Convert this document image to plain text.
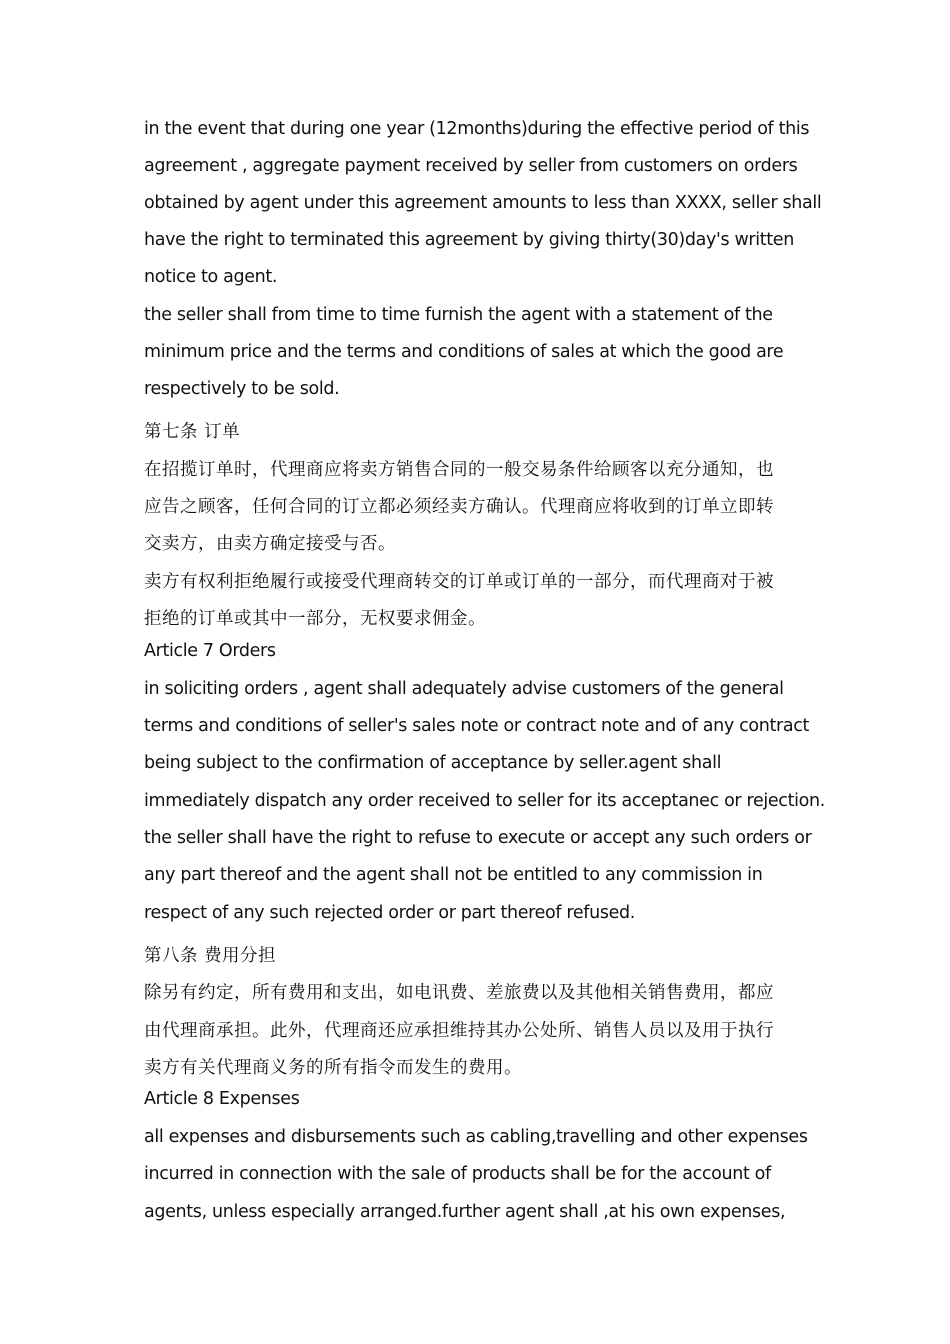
in the event that during one year (12months)during the effective period of this
agreement , aggregate payment received by seller from customers on orders
obtained by agent under this agreement amounts to less than XXXX, seller shall
have the right to terminated this agreement by giving thirty(30)day's written
notice to agent.
the seller shall from time to time furnish the agent with a statement of the
minimum price and the terms and conditions of sales at which the good are
respectively to be sold.
第七条 订单
在招揽订单时，代理商应将卖方销售合同的一般交易条件给顾客以充分通知，也
应告之顾客，任何合同的订立都必须经卖方确认。代理商应将收到的订单立即转
交卖方，由卖方确定接受与否。
卖方有权利拒绝履行或接受代理商转交的订单或订单的一部分，而代理商对于被
拒绝的订单或其中一部分，无权要求佣金。
Article 7 Orders
in soliciting orders , agent shall adequately advise customers of the general
terms and conditions of seller's sales note or contract note and of any contract
being subject to the confirmation of acceptance by seller.agent shall
immediately dispatch any order received to seller for its acceptanec or rejection.
the seller shall have the right to refuse to execute or accept any such orders or
any part thereof and the agent shall not be entitled to any commission in
respect of any such rejected order or part thereof refused.
第八条 费用分担
除另有约定，所有费用和支出，如电讯费、差旅费以及其他相关销售费用，都应
由代理商承担。此外，代理商还应承担维持其办公处所、销售人员以及用于执行
卖方有关代理商义务的所有指令而发生的费用。
Article 8 Expenses
all expenses and disbursements such as cabling,travelling and other expenses
incurred in connection with the sale of products shall be for the account of
agents, unless especially arranged.further agent shall ,at his own expenses,
